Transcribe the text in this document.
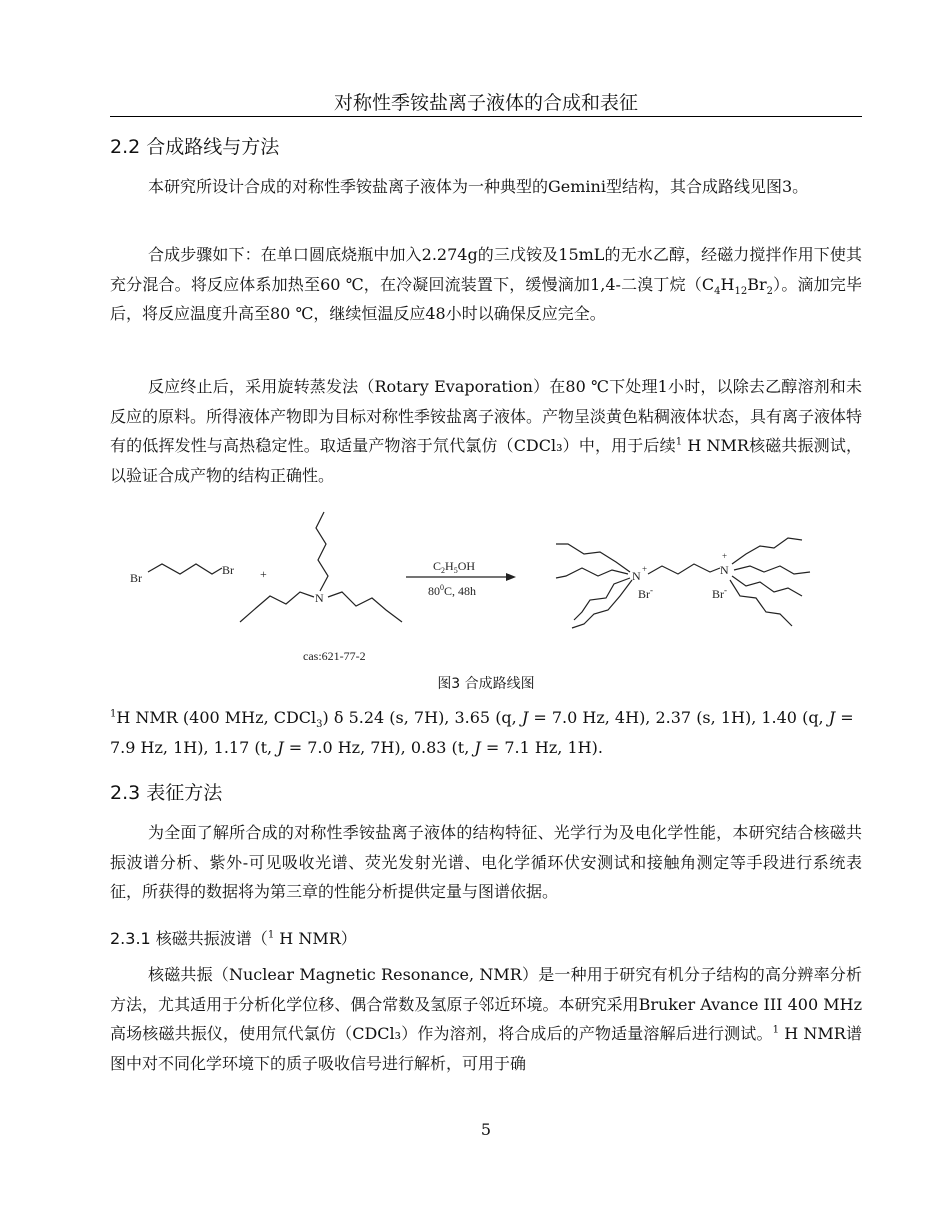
对称性季铵盐离子液体的合成和表征
2.2 合成路线与方法

本研究所设计合成的对称性季铵盐离子液体为一种典型的Gemini型结构，其合成路线见图3。

合成步骤如下：在单口圆底烧瓶中加入2.274g的三戊铵及15mL的无水乙醇，经磁力搅拌作用下使其充分混合。将反应体系加热至60 ℃，在冷凝回流装置下，缓慢滴加1,4-二溴丁烷$(C_4H_{12}Br_2)$。滴加完毕后，将反应温度升高至80 ℃，继续恒温反应48小时以确保反应完全。

反应终止后，采用旋转蒸发法（Rotary Evaporation）在80 ℃下处理1小时，以除去乙醇溶剂和未反应的原料。所得液体产物即为目标对称性季铵盐离子液体。产物呈淡黄色粘稠液体状态，具有离子液体特有的低挥发性与高热稳定性。取适量产物溶于氘代氯仿（CDCl₃）中，用于后续$^1$ H NMR核磁共振测试，以验证合成产物的结构正确性。

Br
Br +
N
cas:621-77-2
$C_2H_5OH$
$80^0C$, 48h
N +	N
+
Br-	Br-
图3 合成路线图

$^1$H NMR (400 MHz, CDCl$_3$) δ 5.24 (s, 7H), 3.65 (q, J = 7.0 Hz, 4H), 2.37 (s, 1H), 1.40 (q, J = 7.9 Hz, 1H), 1.17 (t, J = 7.0 Hz, 7H), 0.83 (t, J = 7.1 Hz, 1H).

2.3 表征方法

为全面了解所合成的对称性季铵盐离子液体的结构特征、光学行为及电化学性能，本研究结合核磁共振波谱分析、紫外-可见吸收光谱、荧光发射光谱、电化学循环伏安测试和接触角测定等手段进行系统表征，所获得的数据将为第三章的性能分析提供定量与图谱依据。

2.3.1 核磁共振波谱（$^1$ H NMR）

核磁共振（Nuclear Magnetic Resonance, NMR）是一种用于研究有机分子结构的高分辨率分析方法，尤其适用于分析化学位移、偶合常数及氢原子邻近环境。本研究采用Bruker Avance III 400 MHz高场核磁共振仪，使用氘代氯仿（CDCl₃）作为溶剂，将合成后的产物适量溶解后进行测试。$^1$ H NMR谱图中对不同化学环境下的质子吸收信号进行解析，可用于确

5
